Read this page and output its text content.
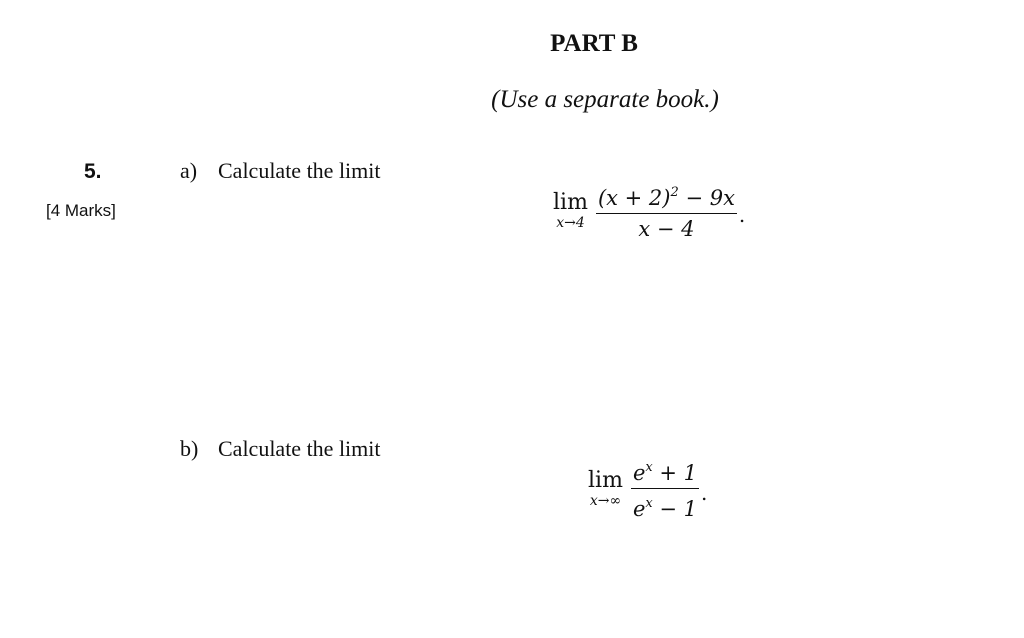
PART B
(Use a separate book.)
5.
[4 Marks]
a) Calculate the limit
lim
$x\to 4 \frac{(x + 2)^2 - 9x}{x - 4}$ .
b) Calculate the limit
lim
$x\to\infty \frac{e^x + 1}{e^x - 1}$ .
